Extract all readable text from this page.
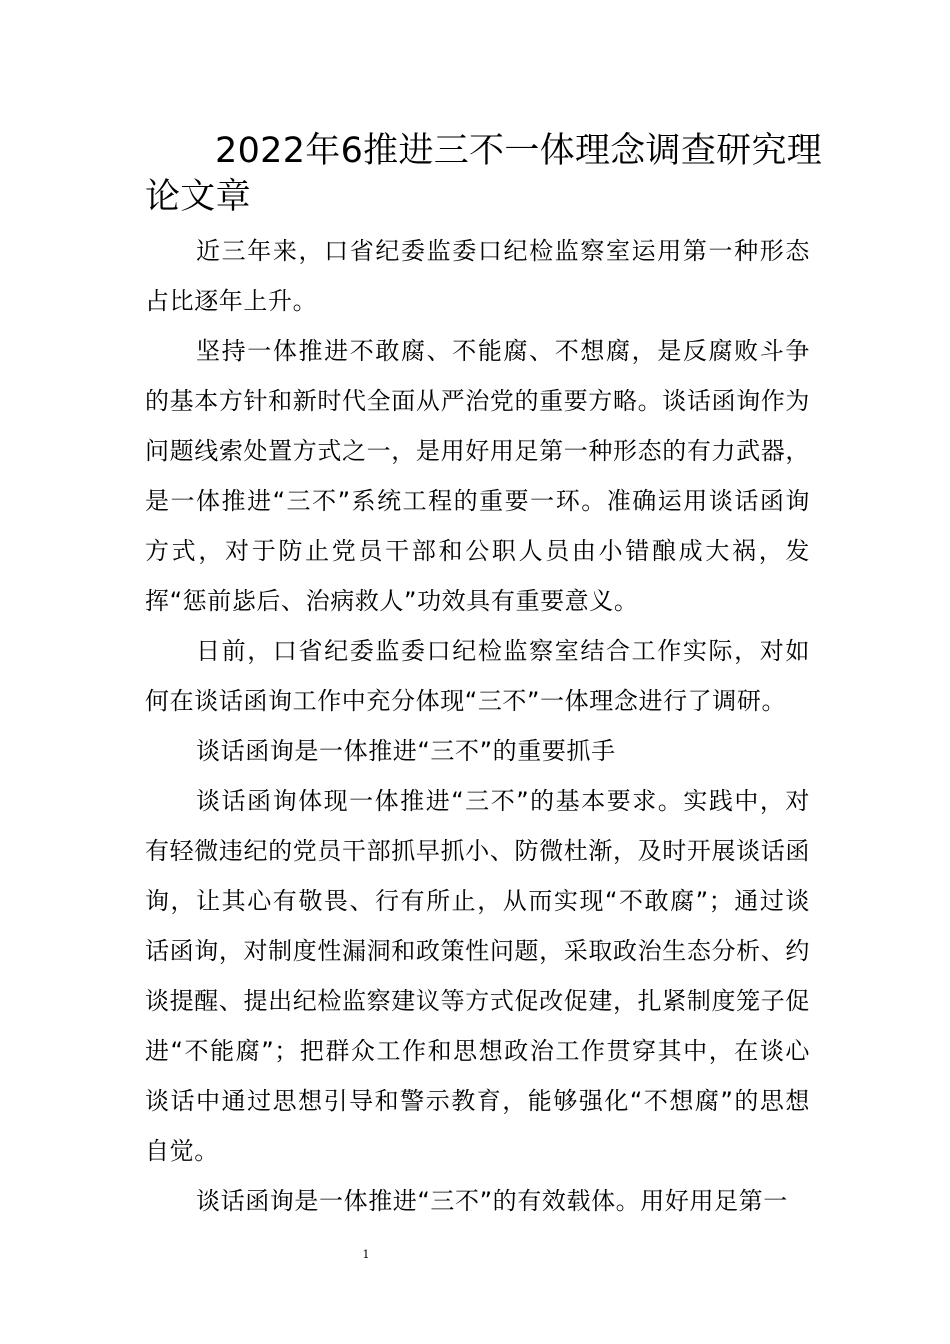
2022年6推进三不一体理念调查研究理论文章

近三年来，口省纪委监委口纪检监察室运用第一种形态占比逐年上升。

坚持一体推进不敢腐、不能腐、不想腐，是反腐败斗争的基本方针和新时代全面从严治党的重要方略。谈话函询作为问题线索处置方式之一，是用好用足第一种形态的有力武器，是一体推进“三不”系统工程的重要一环。准确运用谈话函询方式，对于防止党员干部和公职人员由小错酿成大祸，发挥“惩前毖后、治病救人”功效具有重要意义。

日前，口省纪委监委口纪检监察室结合工作实际，对如何在谈话函询工作中充分体现“三不”一体理念进行了调研。

谈话函询是一体推进“三不”的重要抓手

谈话函询体现一体推进“三不”的基本要求。实践中，对有轻微违纪的党员干部抓早抓小、防微杜渐，及时开展谈话函询，让其心有敬畏、行有所止，从而实现“不敢腐”；通过谈话函询，对制度性漏洞和政策性问题，采取政治生态分析、约谈提醒、提出纪检监察建议等方式促改促建，扎紧制度笼子促进“不能腐”；把群众工作和思想政治工作贯穿其中，在谈心谈话中通过思想引导和警示教育，能够强化“不想腐”的思想自觉。

谈话函询是一体推进“三不”的有效载体。用好用足第一

1
